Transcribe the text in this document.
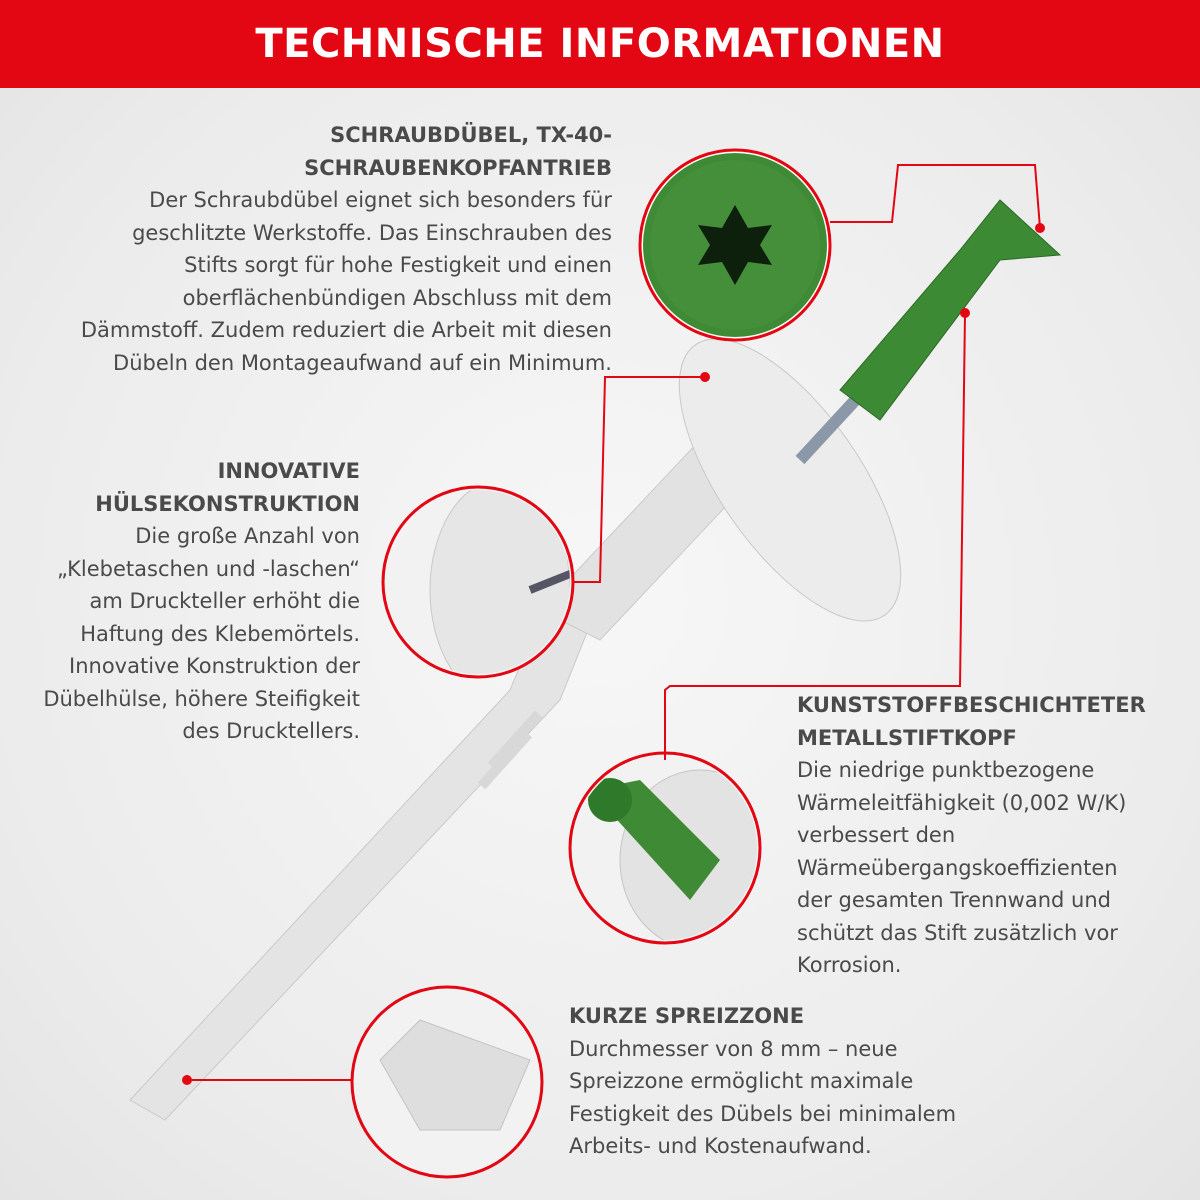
TECHNISCHE INFORMATIONEN
SCHRAUBDÜBEL, TX-40-
SCHRAUBENKOPFANTRIEB
Der Schraubdübel eignet sich besonders für
geschlitzte Werkstoffe. Das Einschrauben des
Stifts sorgt für hohe Festigkeit und einen
oberflächenbündigen Abschluss mit dem
Dämmstoff. Zudem reduziert die Arbeit mit diesen
Dübeln den Montageaufwand auf ein Minimum.
INNOVATIVE
HÜLSEKONSTRUKTION
Die große Anzahl von
„Klebetaschen und -laschen“
am Druckteller erhöht die
Haftung des Klebemörtels.
Innovative Konstruktion der
Dübelhülse, höhere Steifigkeit
des Drucktellers.
KUNSTSTOFFBESCHICHTETER
METALLSTIFTKOPF
Die niedrige punktbezogene
Wärmeleitfähigkeit (0,002 W/K)
verbessert den
Wärmeübergangskoeffizienten
der gesamten Trennwand und
schützt das Stift zusätzlich vor
Korrosion.
KURZE SPREIZZONE
Durchmesser von 8 mm – neue
Spreizzone ermöglicht maximale
Festigkeit des Dübels bei minimalem
Arbeits- und Kostenaufwand.
